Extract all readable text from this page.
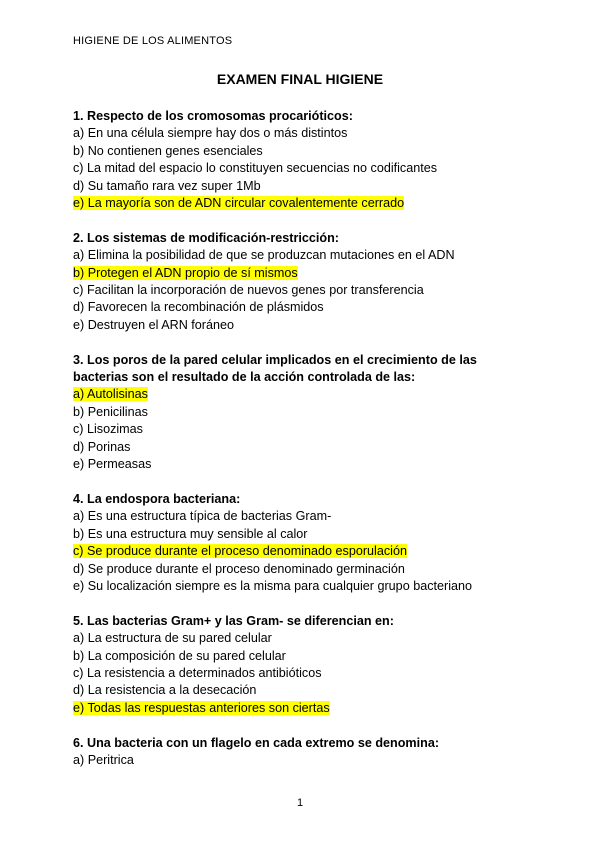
HIGIENE DE LOS ALIMENTOS
EXAMEN FINAL HIGIENE
1. Respecto de los cromosomas procarióticos:
a) En una célula siempre hay dos o más distintos
b) No contienen genes esenciales
c) La mitad del espacio lo constituyen secuencias no codificantes
d) Su tamaño rara vez super 1Mb
e) La mayoría son de ADN circular covalentemente cerrado
2. Los sistemas de modificación-restricción:
a) Elimina la posibilidad de que se produzcan mutaciones en el ADN
b) Protegen el ADN propio de sí mismos
c) Facilitan la incorporación de nuevos genes por transferencia
d) Favorecen la recombinación de plásmidos
e) Destruyen el ARN foráneo
3. Los poros de la pared celular implicados en el crecimiento de las bacterias son el resultado de la acción controlada de las:
a) Autolisinas
b) Penicilinas
c) Lisozimas
d) Porinas
e) Permeasas
4. La endospora bacteriana:
a) Es una estructura típica de bacterias Gram-
b) Es una estructura muy sensible al calor
c) Se produce durante el proceso denominado esporulación
d) Se produce durante el proceso denominado germinación
e) Su localización siempre es la misma para cualquier grupo bacteriano
5. Las bacterias Gram+ y las Gram- se diferencian en:
a) La estructura de su pared celular
b) La composición de su pared celular
c) La resistencia a determinados antibióticos
d) La resistencia a la desecación
e) Todas las respuestas anteriores son ciertas
6. Una bacteria con un flagelo en cada extremo se denomina:
a) Peritrica
1
